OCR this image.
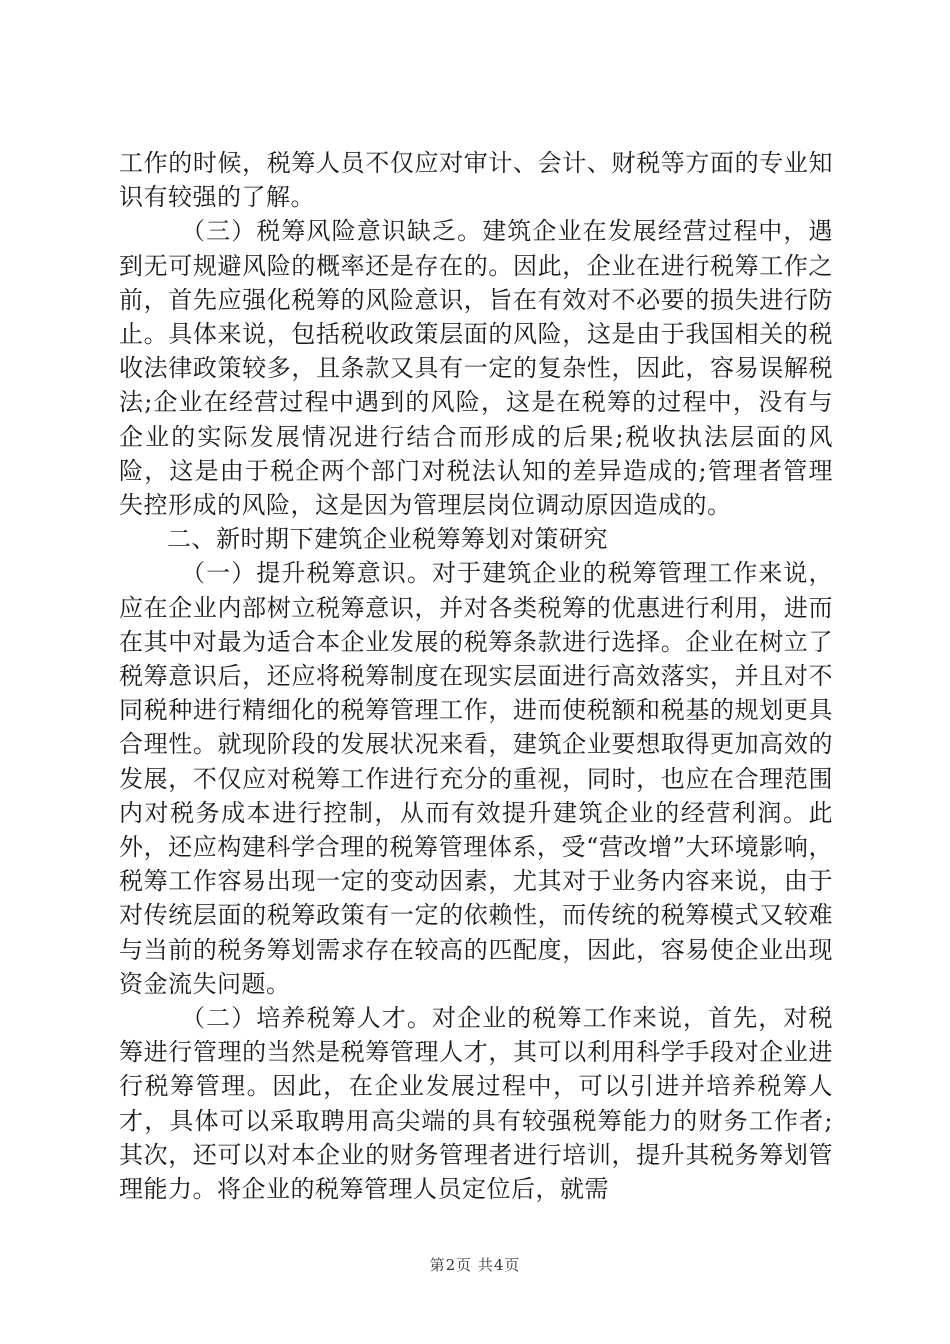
工作的时候，税筹人员不仅应对审计、会计、财税等方面的专业知识有较强的了解。

（三）税筹风险意识缺乏。建筑企业在发展经营过程中，遇到无可规避风险的概率还是存在的。因此，企业在进行税筹工作之前，首先应强化税筹的风险意识，旨在有效对不必要的损失进行防止。具体来说，包括税收政策层面的风险，这是由于我国相关的税收法律政策较多，且条款又具有一定的复杂性，因此，容易误解税法;企业在经营过程中遇到的风险，这是在税筹的过程中，没有与企业的实际发展情况进行结合而形成的后果;税收执法层面的风险，这是由于税企两个部门对税法认知的差异造成的;管理者管理失控形成的风险，这是因为管理层岗位调动原因造成的。

二、新时期下建筑企业税筹筹划对策研究

（一）提升税筹意识。对于建筑企业的税筹管理工作来说，应在企业内部树立税筹意识，并对各类税筹的优惠进行利用，进而在其中对最为适合本企业发展的税筹条款进行选择。企业在树立了税筹意识后，还应将税筹制度在现实层面进行高效落实，并且对不同税种进行精细化的税筹管理工作，进而使税额和税基的规划更具合理性。就现阶段的发展状况来看，建筑企业要想取得更加高效的发展，不仅应对税筹工作进行充分的重视，同时，也应在合理范围内对税务成本进行控制，从而有效提升建筑企业的经营利润。此外，还应构建科学合理的税筹管理体系，受“营改增”大环境影响，税筹工作容易出现一定的变动因素，尤其对于业务内容来说，由于对传统层面的税筹政策有一定的依赖性，而传统的税筹模式又较难与当前的税务筹划需求存在较高的匹配度，因此，容易使企业出现资金流失问题。

（二）培养税筹人才。对企业的税筹工作来说，首先，对税筹进行管理的当然是税筹管理人才，其可以利用科学手段对企业进行税筹管理。因此，在企业发展过程中，可以引进并培养税筹人才，具体可以采取聘用高尖端的具有较强税筹能力的财务工作者;其次，还可以对本企业的财务管理者进行培训，提升其税务筹划管理能力。将企业的税筹管理人员定位后，就需

第2页 共4页
